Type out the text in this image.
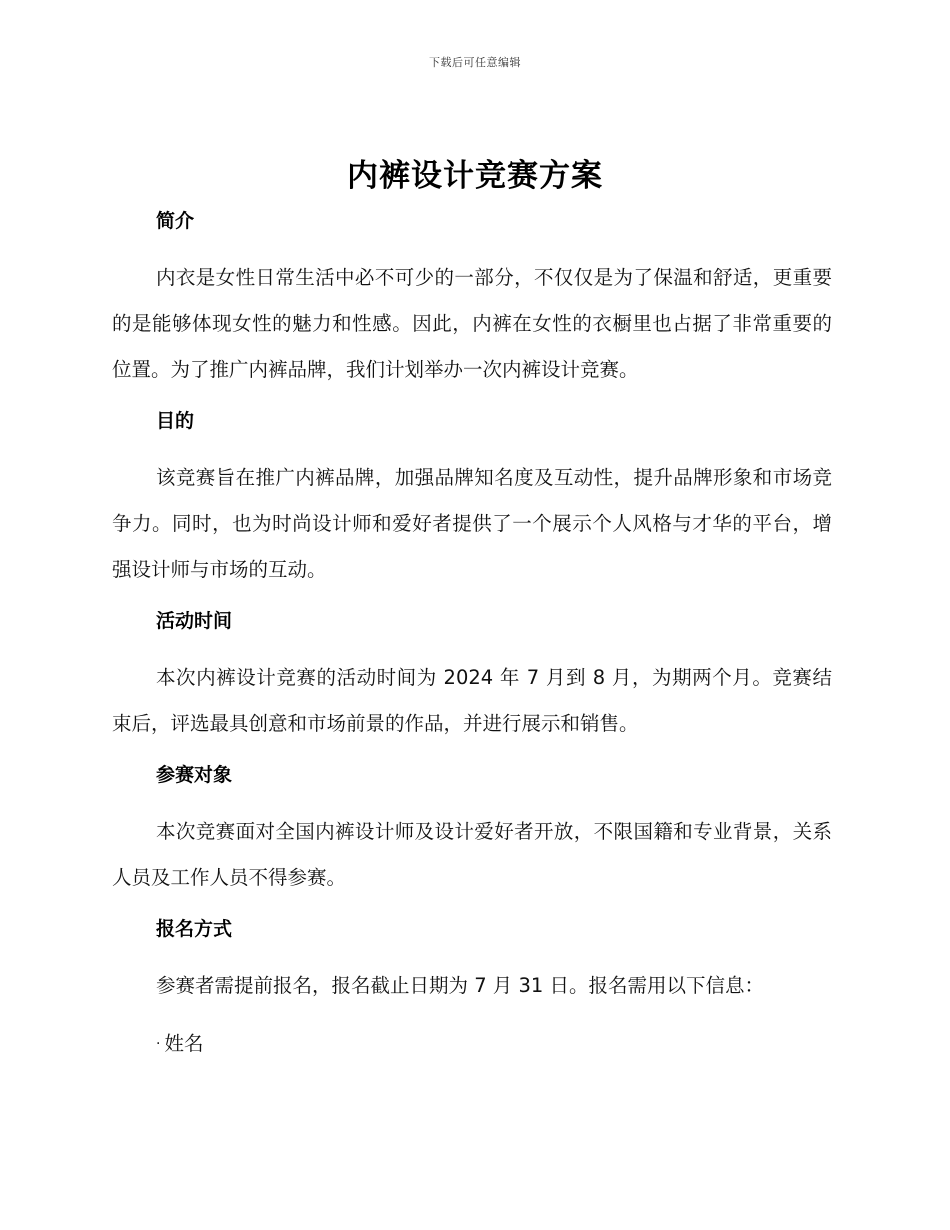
下载后可任意编辑
内裤设计竞赛方案
简介

内衣是女性日常生活中必不可少的一部分，不仅仅是为了保温和舒适，更重要的是能够体现女性的魅力和性感。因此，内裤在女性的衣橱里也占据了非常重要的位置。为了推广内裤品牌，我们计划举办一次内裤设计竞赛。

目的

该竞赛旨在推广内裤品牌，加强品牌知名度及互动性，提升品牌形象和市场竞争力。同时，也为时尚设计师和爱好者提供了一个展示个人风格与才华的平台，增强设计师与市场的互动。

活动时间

本次内裤设计竞赛的活动时间为 2024 年 7 月到 8 月，为期两个月。竞赛结束后，评选最具创意和市场前景的作品，并进行展示和销售。

参赛对象

本次竞赛面对全国内裤设计师及设计爱好者开放，不限国籍和专业背景，关系人员及工作人员不得参赛。

报名方式

参赛者需提前报名，报名截止日期为 7 月 31 日。报名需用以下信息：

· 姓名
